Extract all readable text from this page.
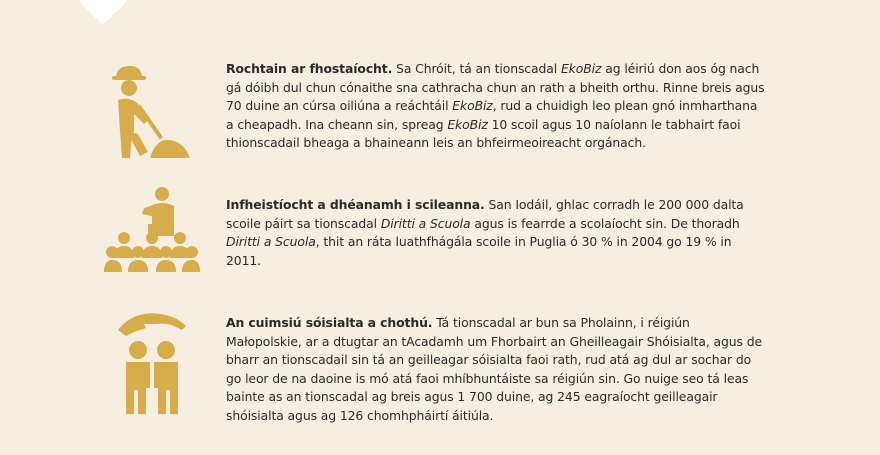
Rochtain ar fhostaíocht. Sa Chróit, tá an tionscadal EkoBiz ag léiriú don aos óg nach gá dóibh dul chun cónaithe sna cathracha chun an rath a bheith orthu. Rinne breis agus 70 duine an cúrsa oiliúna a reáchtáil EkoBiz, rud a chuidigh leo plean gnó inmharthana a cheapadh. Ina cheann sin, spreag EkoBiz 10 scoil agus 10 naíolann le tabhairt faoi thionscadail bheaga a bhaineann leis an bhfeirmeoireacht orgánach.

Infheistíocht a dhéanamh i scileanna. San Iodáil, ghlac corradh le 200 000 dalta scoile páirt sa tionscadal Diritti a Scuola agus is fearrde a scolaíocht sin. De thoradh Diritti a Scuola, thit an ráta luathfhágála scoile in Puglia ó 30 % in 2004 go 19 % in 2011.

An cuimsiú sóisialta a chothú. Tá tionscadal ar bun sa Pholainn, i réigiún Małopolskie, ar a dtugtar an tAcadamh um Fhorbairt an Gheilleagair Shóisialta, agus de bharr an tionscadail sin tá an geilleagar sóisialta faoi rath, rud atá ag dul ar sochar do go leor de na daoine is mó atá faoi mhíbhuntáiste sa réigiún sin. Go nuige seo tá leas bainte as an tionscadal ag breis agus 1 700 duine, ag 245 eagraíocht geilleagair shóisialta agus ag 126 chomhpháirtí áitiúla.
